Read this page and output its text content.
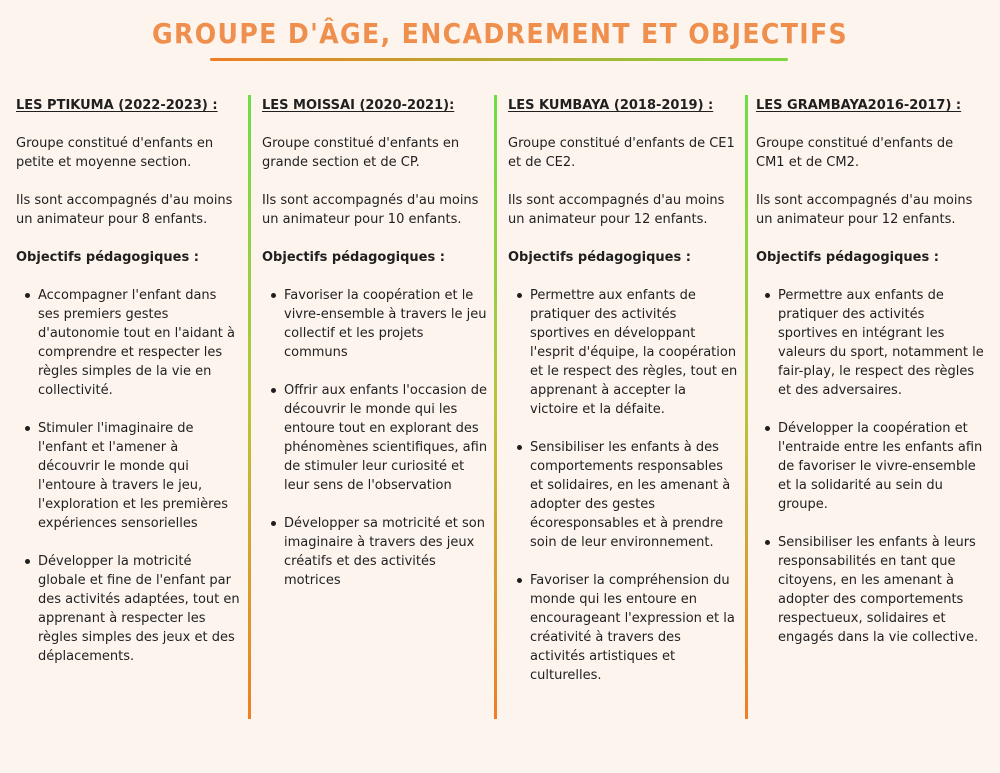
GROUPE D'ÂGE, ENCADREMENT ET OBJECTIFS
LES PTIKUMA (2022-2023) :

Groupe constitué d'enfants en petite et moyenne section.

Ils sont accompagnés d'au moins un animateur pour 8 enfants.

Objectifs pédagogiques :
Accompagner l'enfant dans ses premiers gestes d'autonomie tout en l'aidant à comprendre et respecter les règles simples de la vie en collectivité.
Stimuler l'imaginaire de l'enfant et l'amener à découvrir le monde qui l'entoure à travers le jeu, l'exploration et les premières expériences sensorielles
Développer la motricité globale et fine de l'enfant par des activités adaptées, tout en apprenant à respecter les règles simples des jeux et des déplacements.
LES MOISSAI (2020-2021):

Groupe constitué d'enfants en grande section et de CP.

Ils sont accompagnés d'au moins un animateur pour 10 enfants.

Objectifs pédagogiques :
Favoriser la coopération et le vivre-ensemble à travers le jeu collectif et les projets communs
Offrir aux enfants l'occasion de découvrir le monde qui les entoure tout en explorant des phénomènes scientifiques, afin de stimuler leur curiosité et leur sens de l'observation
Développer sa motricité et son imaginaire à travers des jeux créatifs et des activités motrices
LES KUMBAYA (2018-2019) :

Groupe constitué d'enfants de CE1 et de CE2.

Ils sont accompagnés d'au moins un animateur pour 12 enfants.

Objectifs pédagogiques :
Permettre aux enfants de pratiquer des activités sportives en développant l'esprit d'équipe, la coopération et le respect des règles, tout en apprenant à accepter la victoire et la défaite.
Sensibiliser les enfants à des comportements responsables et solidaires, en les amenant à adopter des gestes écoresponsables et à prendre soin de leur environnement.
Favoriser la compréhension du monde qui les entoure en encourageant l'expression et la créativité à travers des activités artistiques et culturelles.
LES GRAMBAYA2016-2017) :

Groupe constitué d'enfants de CM1 et de CM2.

Ils sont accompagnés d'au moins un animateur pour 12 enfants.

Objectifs pédagogiques :
Permettre aux enfants de pratiquer des activités sportives en intégrant les valeurs du sport, notamment le fair-play, le respect des règles et des adversaires.
Développer la coopération et l'entraide entre les enfants afin de favoriser le vivre-ensemble et la solidarité au sein du groupe.
Sensibiliser les enfants à leurs responsabilités en tant que citoyens, en les amenant à adopter des comportements respectueux, solidaires et engagés dans la vie collective.
